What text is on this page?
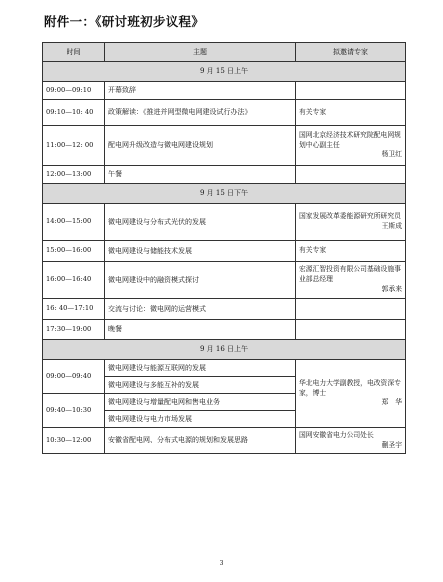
附件一：《研讨班初步议程》
时间	主题	拟邀请专家
9 月 15 日上午		
09:00—09:10	开幕致辞	
09:10—10: 40	政策解读：《推进并网型微电网建设试行办法》	有关专家
11:00—12: 00	配电网升级改造与微电网建设规划	国网北京经济技术研究院配电网规划中心副主任
杨卫红

12:00—13:00	午餐	
9 月 15 日下午		
14:00—15:00	微电网建设与分布式光伏的发展	国家发展改革委能源研究所研究员
王斯成

15:00—16:00	微电网建设与储能技术发展	有关专家
16:00—16:40	微电网建设中的融资模式探讨	宏源汇智投资有限公司基础设施事业部总经理
郭承来

16: 40—17:10	交流与讨论：微电网的运营模式	
17:30—19:00	晚餐	
9 月 16 日上午		
09:00—09:40	微电网建设与能源互联网的发展	华北电力大学副教授，电改资深专家，博士
郑　华

	微电网建设与多能互补的发展	
09:40—10:30	微电网建设与增量配电网和售电业务	
	微电网建设与电力市场发展	
10:30—12:00	安徽省配电网、分布式电源的规划和发展思路	国网安徽省电力公司处长
蒯圣宇
3
